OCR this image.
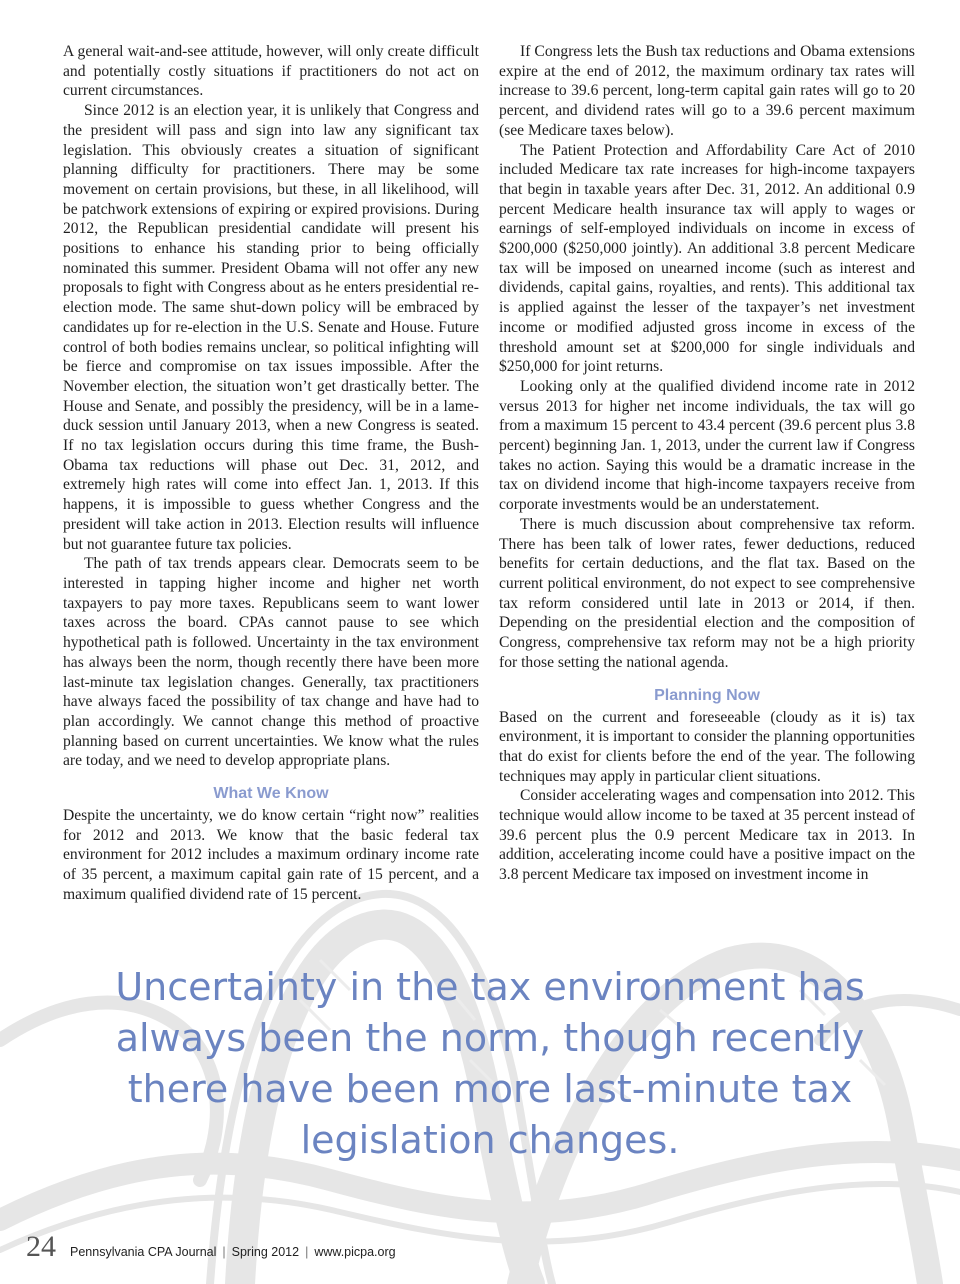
A general wait-and-see attitude, however, will only create difficult and potentially costly situations if practitioners do not act on current circumstances.

Since 2012 is an election year, it is unlikely that Congress and the president will pass and sign into law any significant tax legislation. This obviously creates a situation of significant planning difficulty for practitioners. There may be some movement on certain provisions, but these, in all likelihood, will be patchwork extensions of expiring or expired provisions. During 2012, the Republican presidential candidate will present his positions to enhance his standing prior to being officially nominated this summer. President Obama will not offer any new proposals to fight with Congress about as he enters presidential re-election mode. The same shut-down policy will be embraced by candidates up for re-election in the U.S. Senate and House. Future control of both bodies remains unclear, so political infighting will be fierce and compromise on tax issues impossible. After the November election, the situation won’t get drastically better. The House and Senate, and possibly the presidency, will be in a lame-duck session until January 2013, when a new Congress is seated. If no tax legislation occurs during this time frame, the Bush-Obama tax reductions will phase out Dec. 31, 2012, and extremely high rates will come into effect Jan. 1, 2013. If this happens, it is impossible to guess whether Congress and the president will take action in 2013. Election results will influence but not guarantee future tax policies.

The path of tax trends appears clear. Democrats seem to be interested in tapping higher income and higher net worth taxpayers to pay more taxes. Republicans seem to want lower taxes across the board. CPAs cannot pause to see which hypothetical path is followed. Uncertainty in the tax environment has always been the norm, though recently there have been more last-minute tax legislation changes. Generally, tax practitioners have always faced the possibility of tax change and have had to plan accordingly. We cannot change this method of proactive planning based on current uncertainties. We know what the rules are today, and we need to develop appropriate plans.

What We Know

Despite the uncertainty, we do know certain “right now” realities for 2012 and 2013. We know that the basic federal tax environment for 2012 includes a maximum ordinary income rate of 35 percent, a maximum capital gain rate of 15 percent, and a maximum qualified dividend rate of 15 percent.

If Congress lets the Bush tax reductions and Obama extensions expire at the end of 2012, the maximum ordinary tax rates will increase to 39.6 percent, long-term capital gain rates will go to 20 percent, and dividend rates will go to a 39.6 percent maximum (see Medicare taxes below).

The Patient Protection and Affordability Care Act of 2010 included Medicare tax rate increases for high-income taxpayers that begin in taxable years after Dec. 31, 2012. An additional 0.9 percent Medicare health insurance tax will apply to wages or earnings of self-employed individuals on income in excess of $200,000 ($250,000 jointly). An additional 3.8 percent Medicare tax will be imposed on unearned income (such as interest and dividends, capital gains, royalties, and rents). This additional tax is applied against the lesser of the taxpayer’s net investment income or modified adjusted gross income in excess of the threshold amount set at $200,000 for single individuals and $250,000 for joint returns.

Looking only at the qualified dividend income rate in 2012 versus 2013 for higher net income individuals, the tax will go from a maximum 15 percent to 43.4 percent (39.6 percent plus 3.8 percent) beginning Jan. 1, 2013, under the current law if Congress takes no action. Saying this would be a dramatic increase in the tax on dividend income that high-income taxpayers receive from corporate investments would be an understatement.

There is much discussion about comprehensive tax reform. There has been talk of lower rates, fewer deductions, reduced benefits for certain deductions, and the flat tax. Based on the current political environment, do not expect to see comprehensive tax reform considered until late in 2013 or 2014, if then. Depending on the presidential election and the composition of Congress, comprehensive tax reform may not be a high priority for those setting the national agenda.

Planning Now

Based on the current and foreseeable (cloudy as it is) tax environment, it is important to consider the planning opportunities that do exist for clients before the end of the year. The following techniques may apply in particular client situations.

Consider accelerating wages and compensation into 2012. This technique would allow income to be taxed at 35 percent instead of 39.6 percent plus the 0.9 percent Medicare tax in 2013. In addition, accelerating income could have a positive impact on the 3.8 percent Medicare tax imposed on investment income in

Uncertainty in the tax environment has always been the norm, though recently there have been more last-minute tax legislation changes.
24 Pennsylvania CPA Journal | Spring 2012 | www.picpa.org
